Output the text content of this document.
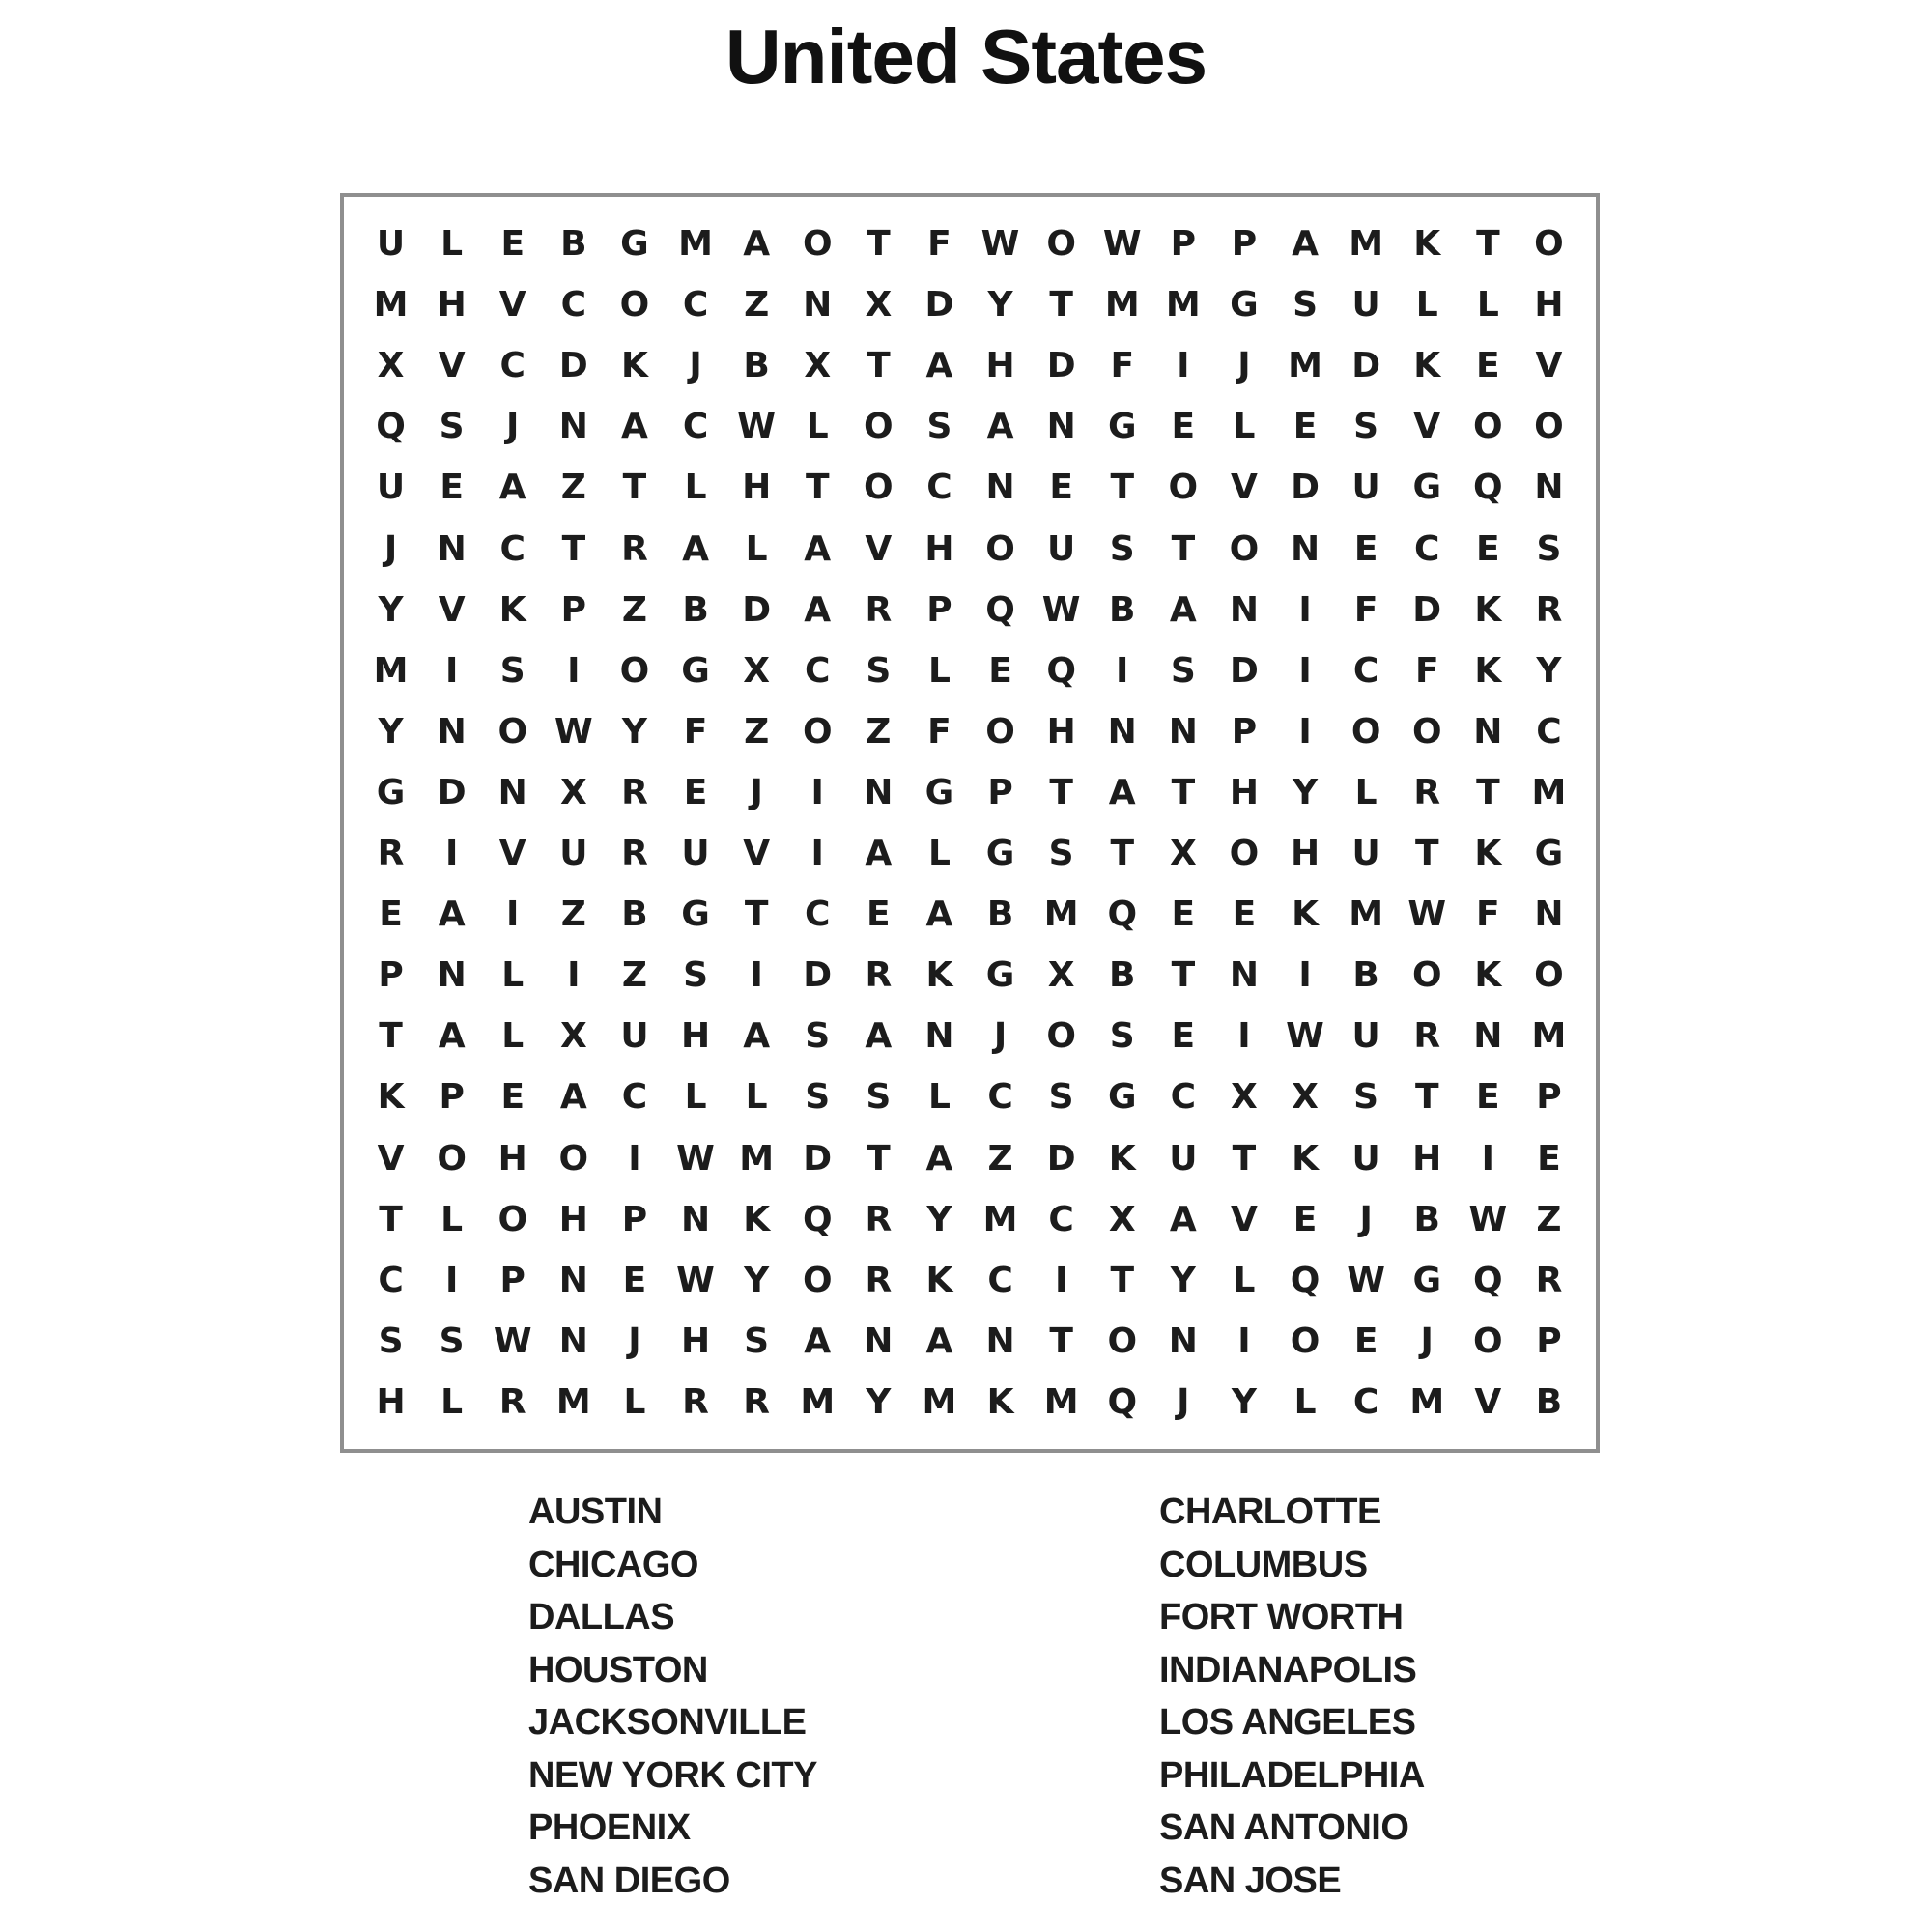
United States
U	L	E	B G M A O T	F W O W P	P A M K	T O
M H V C O C	Z N X D Y	T M M G S U	L	L	H
X V C D K	J	B X	T	A H D F	I	J	M D K	E	V
Q S	J	N A C W L	O S	A N G	E	L	E	S	V O O
U	E	A	Z	T	L	H T O C N E	T O V D U G Q N
J	N C	T	R A	L	A V H O U S	T O N E	C	E	S
Y	V K P	Z	B D A R	P Q W B A N	I	F D K R
M	I	S	I	O G X	C	S	L	E Q	I	S D	I	C	F	K	Y
Y N O W Y	F	Z O Z	F O H N N P	I	O O N C
G D N X R	E	J	I	N G P	T	A	T H Y	L	R	T M
R	I	V U R U V	I	A	L	G S	T	X O H U	T	K G
E	A	I	Z	B G	T	C	E	A B M Q E	E	K M W F N
P N	L	I	Z	S	I	D R K G X B	T N	I	B O K O
T	A	L	X U H A	S	A N	J	O S	E	I	W U R N M
K P	E	A C	L	L	S	S	L	C	S G C	X X	S	T	E	P
V O H O	I	W M D T	A	Z D K U	T	K U H	I	E
T	L	O H P N K Q R	Y M C	X A V	E	J	B W Z
C	I	P N E W Y O R K C	I	T	Y	L	Q W G Q R
S	S W N	J	H S	A N A N T O N	I	O E	J	O P
H	L	R M L	R R M Y M K M Q	J	Y	L	C M V B
AUSTIN
CHICAGO
DALLAS
HOUSTON
JACKSONVILLE
NEW YORK CITY
PHOENIX
SAN DIEGO
CHARLOTTE
COLUMBUS
FORT WORTH
INDIANAPOLIS
LOS ANGELES
PHILADELPHIA
SAN ANTONIO
SAN JOSE
